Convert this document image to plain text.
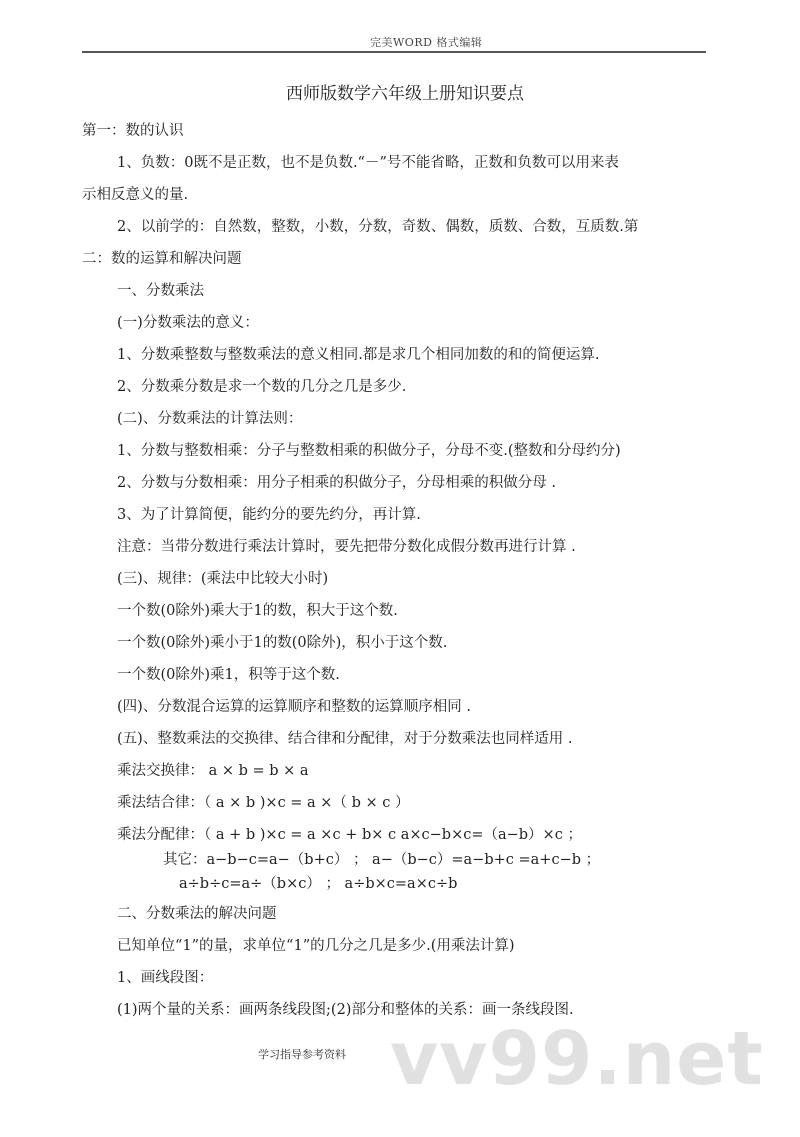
完美WORD 格式编辑
西师版数学六年级上册知识要点
第一：数的认识
1、负数：0既不是正数，也不是负数.“－”号不能省略，正数和负数可以用来表
示相反意义的量.
2、以前学的：自然数，整数，小数，分数，奇数、偶数，质数、合数，互质数.第
二：数的运算和解决问题
一、分数乘法
(一)分数乘法的意义：
1、分数乘整数与整数乘法的意义相同.都是求几个相同加数的和的简便运算.
2、分数乘分数是求一个数的几分之几是多少.
(二)、分数乘法的计算法则：
1、分数与整数相乘：分子与整数相乘的积做分子，分母不变.(整数和分母约分)
2、分数与分数相乘：用分子相乘的积做分子，分母相乘的积做分母 .
3、为了计算简便，能约分的要先约分，再计算.
注意：当带分数进行乘法计算时，要先把带分数化成假分数再进行计算 .
(三)、规律：(乘法中比较大小时)
一个数(0除外)乘大于1的数，积大于这个数.
一个数(0除外)乘小于1的数(0除外)，积小于这个数.
一个数(0除外)乘1，积等于这个数.
(四)、分数混合运算的运算顺序和整数的运算顺序相同 .
(五)、整数乘法的交换律、结合律和分配律，对于分数乘法也同样适用 .
乘法交换律： a × b = b × a
乘法结合律：（ a × b )×c = a ×（ b × c ）
乘法分配律：（ a + b )×c = a ×c + b× c a×c−b×c=（a−b）×c ；
其它：a−b−c=a−（b+c） ； a−（b−c）=a−b+c =a+c−b ；
a÷b÷c=a÷（b×c） ； a÷b×c=a×c÷b
二、分数乘法的解决问题
已知单位“1”的量，求单位“1”的几分之几是多少.(用乘法计算)
1、画线段图：
(1)两个量的关系：画两条线段图;(2)部分和整体的关系：画一条线段图.
vv99.net
学习指导参考资料
